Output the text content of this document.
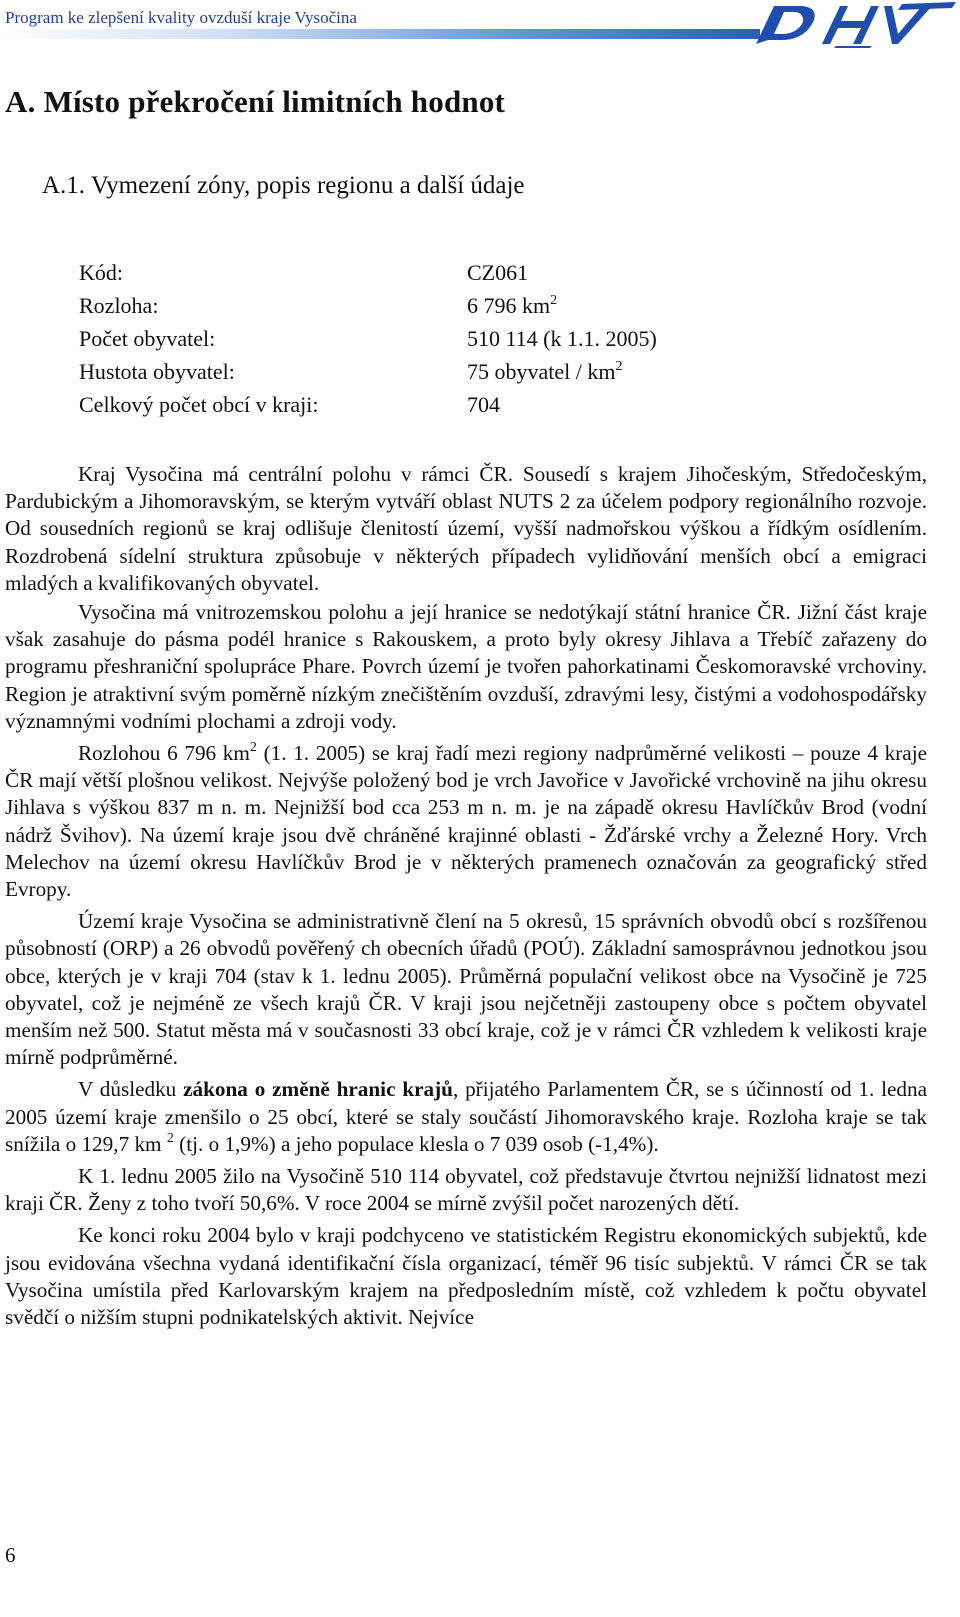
Program ke zlepšení kvality ovzduší kraje Vysočina
A. Místo překročení limitních hodnot
A.1. Vymezení zóny, popis regionu a další údaje
Kód:	CZ061
Rozloha:	6 796 $km^2$
Počet obyvatel:	510 114 (k 1.1. 2005)
Hustota obyvatel:	75 obyvatel / $km^2$
Celkový počet obcí v kraji:	704

Kraj Vysočina má centrální polohu v rámci ČR. Sousedí s krajem Jihočeským, Středočeským, Pardubickým a Jihomoravským, se kterým vytváří oblast NUTS 2 za účelem podpory regionálního rozvoje. Od sousedních regionů se kraj odlišuje členitostí území, vyšší nadmořskou výškou a řídkým osídlením. Rozdrobená sídelní struktura způsobuje v některých případech vylidňování menších obcí a emigraci mladých a kvalifikovaných obyvatel.

Vysočina má vnitrozemskou polohu a její hranice se nedotýkají státní hranice ČR. Jižní část kraje však zasahuje do pásma podél hranice s Rakouskem, a proto byly okresy Jihlava a Třebíč zařazeny do programu přeshraniční spolupráce Phare. Povrch území je tvořen pahorkatinami Českomoravské vrchoviny. Region je atraktivní svým poměrně nízkým znečištěním ovzduší, zdravými lesy, čistými a vodohospodářsky významnými vodními plochami a zdroji vody.

Rozlohou 6 796 $km^2$ (1. 1. 2005) se kraj řadí mezi regiony nadprůměrné velikosti – pouze 4 kraje ČR mají větší plošnou velikost. Nejvýše položený bod je vrch Javořice v Javořické vrchovině na jihu okresu Jihlava s výškou 837 m n. m. Nejnižší bod cca 253 m n. m. je na západě okresu Havlíčkův Brod (vodní nádrž Švihov). Na území kraje jsou dvě chráněné krajinné oblasti - Žďárské vrchy a Železné Hory. Vrch Melechov na území okresu Havlíčkův Brod je v některých pramenech označován za geografický střed Evropy.

Území kraje Vysočina se administrativně člení na 5 okresů, 15 správních obvodů obcí s rozšířenou působností (ORP) a 26 obvodů pověřený ch obecních úřadů (POÚ). Základní samosprávnou jednotkou jsou obce, kterých je v kraji 704 (stav k 1. lednu 2005). Průměrná populační velikost obce na Vysočině je 725 obyvatel, což je nejméně ze všech krajů ČR. V kraji jsou nejčetněji zastoupeny obce s počtem obyvatel menším než 500. Statut města má v současnosti 33 obcí kraje, což je v rámci ČR vzhledem k velikosti kraje mírně podprůměrné.

V důsledku zákona o změně hranic krajů, přijatého Parlamentem ČR, se s účinností od 1. ledna 2005 území kraje zmenšilo o 25 obcí, které se staly součástí Jihomoravského kraje. Rozloha kraje se tak snížila o 129,7 km $^2$ (tj. o 1,9%) a jeho populace klesla o 7 039 osob (-1,4%).

K 1. lednu 2005 žilo na Vysočině 510 114 obyvatel, což představuje čtvrtou nejnižší lidnatost mezi kraji ČR. Ženy z toho tvoří 50,6%. V roce 2004 se mírně zvýšil počet narozených dětí.

Ke konci roku 2004 bylo v kraji podchyceno ve statistickém Registru ekonomických subjektů, kde jsou evidována všechna vydaná identifikační čísla organizací, téměř 96 tisíc subjektů. V rámci ČR se tak Vysočina umístila před Karlovarským krajem na předposledním místě, což vzhledem k počtu obyvatel svědčí o nižším stupni podnikatelských aktivit. Nejvíce

6
